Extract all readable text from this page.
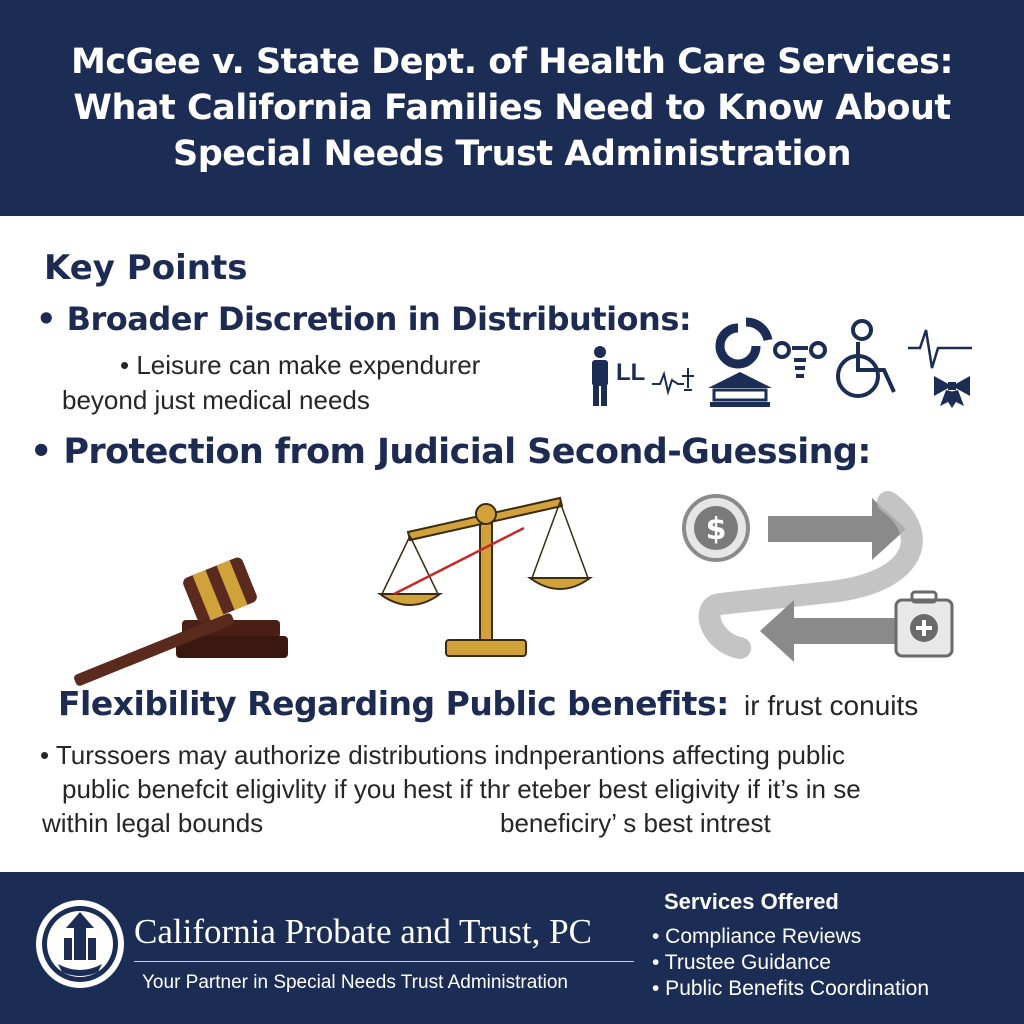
McGee v. State Dept. of Health Care Services:
What California Families Need to Know About
Special Needs Trust Administration
Key Points
• Broader Discretion in Distributions:
• Leisure can make expendurer
beyond just medical needs
LL
• Protection from Judicial Second-Guessing:
$
Flexibility Regarding Public benefits: ir frust conuits
• Turssoers may authorize distributions indnperantions affecting public
public benefcit eligivlity if you hest if thr eteber best eligivity if it’s in se
within legal bounds	beneficiry’ s best intrest
California Probate and Trust, PC
Your Partner in Special Needs Trust Administration
Services Offered
• Compliance Reviews
• Trustee Guidance
• Public Benefits Coordination
